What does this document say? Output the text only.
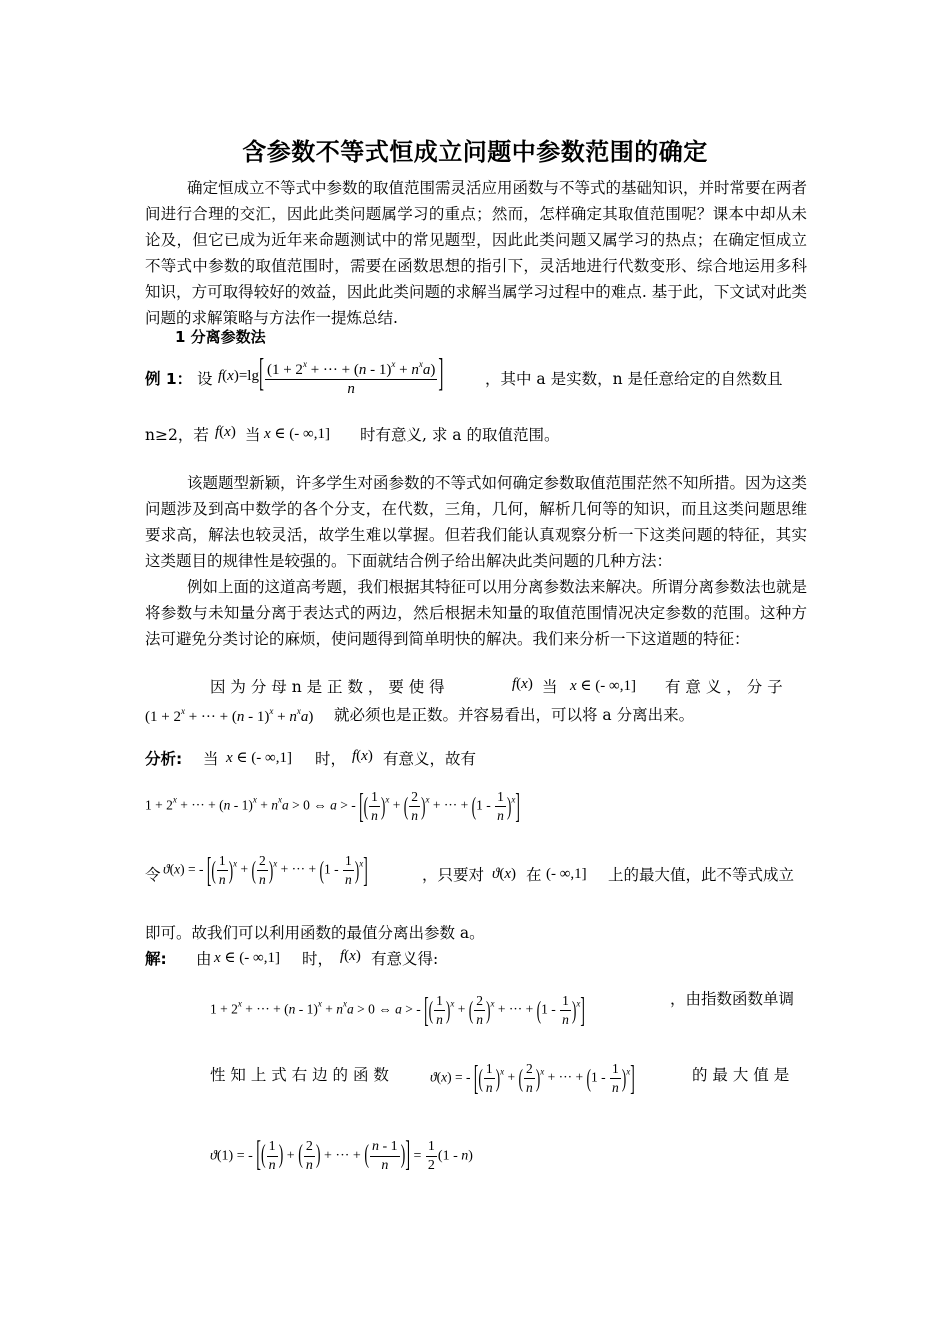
含参数不等式恒成立问题中参数范围的确定
确定恒成立不等式中参数的取值范围需灵活应用函数与不等式的基础知识，并时常要在两者间进行合理的交汇，因此此类问题属学习的重点；然而，怎样确定其取值范围呢？课本中却从未论及，但它已成为近年来命题测试中的常见题型，因此此类问题又属学习的热点；在确定恒成立不等式中参数的取值范围时，需要在函数思想的指引下，灵活地进行代数变形、综合地运用多科知识，方可取得较好的效益，因此此类问题的求解当属学习过程中的难点. 基于此，下文试对此类问题的求解策略与方法作一提炼总结.
1 分离参数法
例 1： 设 $f(x)=\lg[ \frac{(1 + 2^x + \cdot\cdot\cdot + (n - 1)^x + n^xa)}{n}$ ]	，其中 a 是实数，n 是任意给定的自然数且
n≥2，若 f(x) 当 x ∈ (- ∞,1] 时有意义, 求 a 的取值范围。
该题题型新颖，许多学生对函参数的不等式如何确定参数取值范围茫然不知所措。因为这类问题涉及到高中数学的各个分支，在代数，三角，几何，解析几何等的知识，而且这类问题思维要求高，解法也较灵活，故学生难以掌握。但若我们能认真观察分析一下这类问题的特征，其实这类题目的规律性是较强的。下面就结合例子给出解决此类问题的几种方法：
例如上面的这道高考题，我们根据其特征可以用分离参数法来解决。所谓分离参数法也就是将参数与未知量分离于表达式的两边，然后根据未知量的取值范围情况决定参数的范围。这种方法可避免分类讨论的麻烦，使问题得到简单明快的解决。我们来分析一下这道题的特征：
因 为 分 母 n 是 正 数 ， 要 使 得	f(x) 当 x ∈ (- ∞,1] 有 意 义 ， 分 子
($1 + 2^x$ + ··· + $(n - 1)^x + n^xa$) 就必须也是正数。并容易看出，可以将 a 分离出来。
分析: 当 x ∈ (- ∞,1] 时， f(x) 有意义，故有
$1 + 2^x$ + ··· + $(n - 1)^x + n^xa > 0$ ⇔ a > - [( $\frac{1}{n} )^x$ + ( $\frac{2}{n} )^x$ + ··· + $(1 - \frac{1}{n} )^x$]
令 ϑ(x) = - [( $\frac{1}{n} )^x$ + ( $\frac{2}{n} )^x$ + ··· + $(1 - \frac{1}{n} )^x$]	，只要对 ϑ(x) 在 (- ∞,1] 上的最大值，此不等式成立
即可。故我们可以利用函数的最值分离出参数 a。
解: 由 x ∈ (- ∞,1] 时， f(x) 有意义得:
$1 + 2^x$ + ··· + $(n - 1)^x + n^xa > 0$ ⇔ a > - [( $\frac{1}{n} )^x$ + ( $\frac{2}{n} )^x$ + ··· + $(1 - \frac{1}{n} )^x$]	，由指数函数单调
性 知 上 式 右 边 的 函 数	ϑ(x) = - [( $\frac{1}{n} )^x$ + ( $\frac{2}{n} )^x$ + ··· + $(1 - \frac{1}{n} )^x$]	的 最 大 值 是
ϑ(1) = - [( $\frac{1}{n}$ ) + ( $\frac{2}{n}$ ) + ··· + ( $\frac{n - 1}{n}$ )] = $\frac{1}{2} (1 - n)$
